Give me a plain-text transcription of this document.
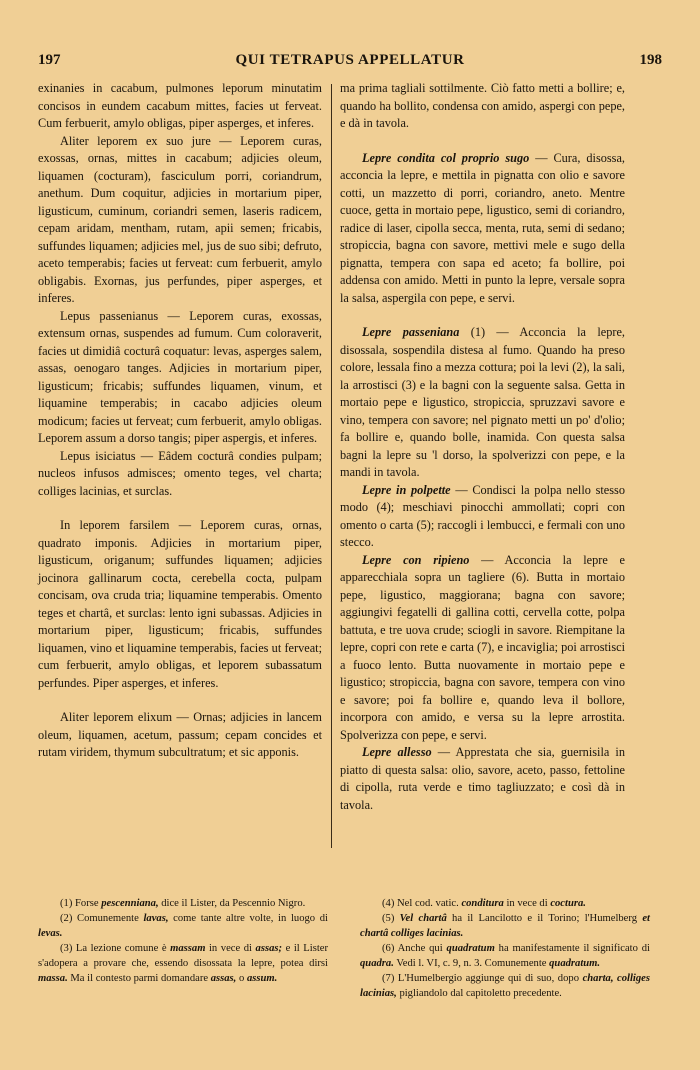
197	QUI TETRAPUS APPELLATUR	198

exinanies in cacabum, pulmones leporum minutatim concisos in eundem cacabum mittes, facies ut ferveat. Cum ferbuerit, amylo obligas, piper asperges, et inferes.

Aliter leporem ex suo jure — Leporem curas, exossas, ornas, mittes in cacabum; adjicies oleum, liquamen (cocturam), fasciculum porri, coriandrum, anethum. Dum coquitur, adjicies in mortarium piper, ligusticum, cuminum, coriandri semen, laseris radicem, cepam aridam, mentham, rutam, apii semen; fricabis, suffundes liquamen; adjicies mel, jus de suo sibi; defruto, aceto temperabis; facies ut ferveat: cum ferbuerit, amylo obligabis. Exornas, jus perfundes, piper asperges, et inferes.

Lepus passenianus — Leporem curas, exossas, extensum ornas, suspendes ad fumum. Cum coloraverit, facies ut dimidiâ cocturâ coquatur: levas, asperges salem, assas, oenogaro tanges. Adjicies in mortarium piper, ligusticum; fricabis; suffundes liquamen, vinum, et liquamine temperabis; in cacabo adjicies oleum modicum; facies ut ferveat; cum ferbuerit, amylo obligas. Leporem assum a dorso tangis; piper aspergis, et inferes.

Lepus isiciatus — Eâdem cocturâ condies pulpam; nucleos infusos admisces; omento teges, vel charta; colliges lacinias, et surclas.

In leporem farsilem — Leporem curas, ornas, quadrato imponis. Adjicies in mortarium piper, ligusticum, origanum; suffundes liquamen; adjicies jocinora gallinarum cocta, cerebella cocta, pulpam concisam, ova cruda tria; liquamine temperabis. Omento teges et chartâ, et surclas: lento igni subassas. Adjicies in mortarium piper, ligusticum; fricabis, suffundes liquamen, vino et liquamine temperabis, facies ut ferveat; cum ferbuerit, amylo obligas, et leporem subassatum perfundes. Piper asperges, et inferes.

Aliter leporem elixum — Ornas; adjicies in lancem oleum, liquamen, acetum, passum; cepam concides et rutam viridem, thymum subcultratum; et sic apponis.

ma prima tagliali sottilmente. Ciò fatto metti a bollire; e, quando ha bollito, condensa con amido, aspergi con pepe, e dà in tavola.

Lepre condita col proprio sugo — Cura, disossa, acconcia la lepre, e mettila in pignatta con olio e savore cotti, un mazzetto di porri, coriandro, aneto. Mentre cuoce, getta in mortaio pepe, ligustico, semi di coriandro, radice di laser, cipolla secca, menta, ruta, semi di sedano; stropiccia, bagna con savore, mettivi mele e sugo della pignatta, tempera con sapa ed aceto; fa bollire, poi addensa con amido. Metti in punto la lepre, versale sopra la salsa, aspergila con pepe, e servi.

Lepre passeniana (1) — Acconcia la lepre, disossala, sospendila distesa al fumo. Quando ha preso colore, lessala fino a mezza cottura; poi la levi (2), la sali, la arrostisci (3) e la bagni con la seguente salsa. Getta in mortaio pepe e ligustico, stropiccia, spruzzavi savore e vino, tempera con savore; nel pignato metti un po' d'olio; fa bollire e, quando bolle, inamida. Con questa salsa bagni la lepre su 'l dorso, la spolverizzi con pepe, e la mandi in tavola.

Lepre in polpette — Condisci la polpa nello stesso modo (4); meschiavi pinocchi ammollati; copri con omento o carta (5); raccogli i lembucci, e fermali con uno stecco.

Lepre con ripieno — Acconcia la lepre e apparecchiala sopra un tagliere (6). Butta in mortaio pepe, ligustico, maggiorana; bagna con savore; aggiungivi fegatelli di gallina cotti, cervella cotte, polpa battuta, e tre uova crude; sciogli in savore. Riempitane la lepre, copri con rete e carta (7), e incaviglia; poi arrostisci a fuoco lento. Butta nuovamente in mortaio pepe e ligustico; stropiccia, bagna con savore, tempera con vino e savore; poi fa bollire e, quando leva il bollore, incorpora con amido, e versa su la lepre arrostita. Spolverizza con pepe, e servi.

Lepre allesso — Apprestata che sia, guernisila in piatto di questa salsa: olio, savore, aceto, passo, fettoline di cipolla, ruta verde e timo tagliuzzato; e così dà in tavola.

(1) Forse pescenniana, dice il Lister, da Pescennio Nigro.

(2) Comunemente lavas, come tante altre volte, in luogo di levas.

(3) La lezione comune è massam in vece di assas; e il Lister s'adopera a provare che, essendo disossata la lepre, potea dirsi massa. Ma il contesto parmi domandare assas, o assum.

(4) Nel cod. vatic. conditura in vece di coctura.

(5) Vel chartâ ha il Lancilotto e il Torino; l'Humelberg et chartâ colliges lacinias.

(6) Anche qui quadratum ha manifestamente il significato di quadra. Vedi l. VI, c. 9, n. 3. Comunemente quadratum.

(7) L'Humelbergio aggiunge qui di suo, dopo charta, colliges lacinias, pigliandolo dal capitoletto precedente.
